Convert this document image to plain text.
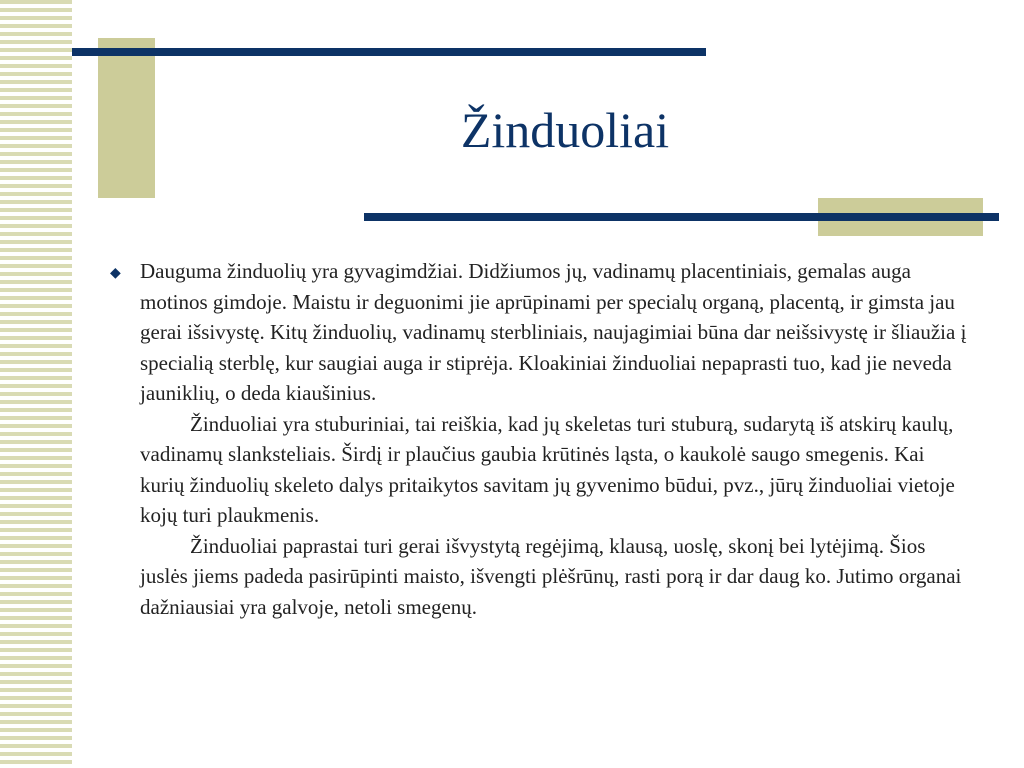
Žinduoliai
◆ Dauguma žinduolių yra gyvagimdžiai. Didžiumos jų, vadinamų placentiniais, gemalas auga motinos gimdoje. Maistu ir deguonimi jie aprūpinami per specialų organą, placentą, ir gimsta jau gerai išsivystę. Kitų žinduolių, vadinamų sterbliniais, naujagimiai būna dar neišsivystę ir šliaužia į specialią sterblę, kur saugiai auga ir stiprėja. Kloakiniai žinduoliai nepaprasti tuo, kad jie neveda jauniklių, o deda kiaušinius.

Žinduoliai yra stuburiniai, tai reiškia, kad jų skeletas turi stuburą, sudarytą iš atskirų kaulų, vadinamų slanksteliais. Širdį ir plaučius gaubia krūtinės ląsta, o kaukolė saugo smegenis. Kai kurių žinduolių skeleto dalys pritaikytos savitam jų gyvenimo būdui, pvz., jūrų žinduoliai vietoje kojų turi plaukmenis.

Žinduoliai paprastai turi gerai išvystytą regėjimą, klausą, uoslę, skonį bei lytėjimą. Šios juslės jiems padeda pasirūpinti maisto, išvengti plėšrūnų, rasti porą ir dar daug ko. Jutimo organai dažniausiai yra galvoje, netoli smegenų.
